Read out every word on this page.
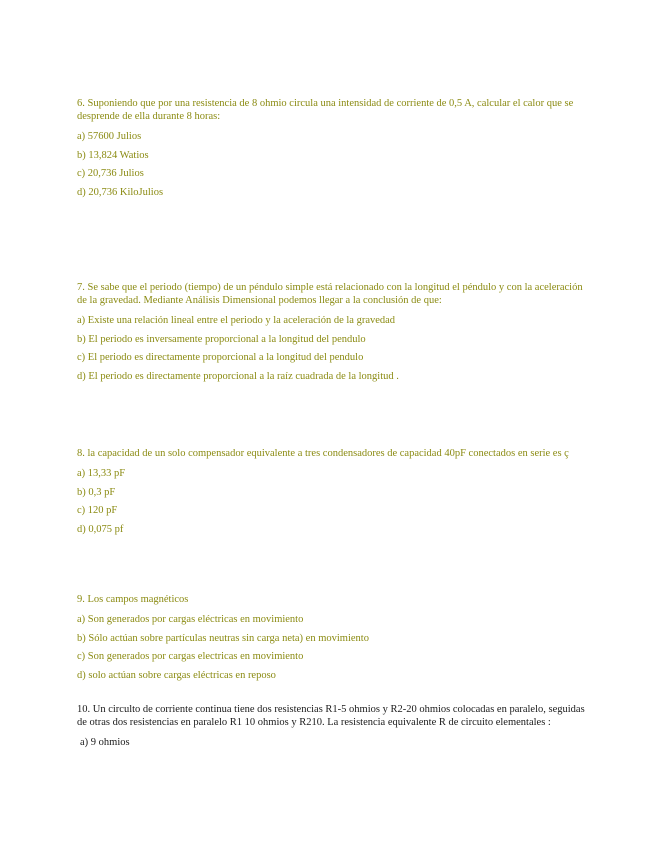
6. Suponiendo que por una resistencia de 8 ohmio circula una intensidad de corriente de 0,5 A, calcular el calor que se desprende de ella durante 8 horas:
a) 57600 Julios
b) 13,824 Watios
c) 20,736 Julios
d) 20,736 KiloJulios
7. Se sabe que el periodo (tiempo) de un péndulo simple está relacionado con la longitud el péndulo y con la aceleración de la gravedad. Mediante Análisis Dimensional podemos llegar a la conclusión de que:
a) Existe una relación lineal entre el periodo y la aceleración de la gravedad
b) El periodo es inversamente proporcional a la longitud del pendulo
c) El periodo es directamente proporcional a la longitud del pendulo
d) El periodo es directamente proporcional a la raíz cuadrada de la longitud .
8. la capacidad de un solo compensador equivalente a tres condensadores de capacidad 40pF conectados en serie es ç
a) 13,33 pF
b) 0,3 pF
c) 120 pF
d) 0,075 pf
9. Los campos magnéticos
a) Son generados por cargas eléctricas en movimiento
b) Sólo actúan sobre partículas neutras sin carga neta) en movimiento
c) Son generados por cargas electricas en movimiento
d) solo actúan sobre cargas eléctricas en reposo
10. Un circulto de corriente continua tiene dos resistencias R1-5 ohmios y R2-20 ohmios colocadas en paralelo, seguidas de otras dos resistencias en paralelo R1 10 ohmios y R210. La resistencia equivalente R de circuito elementales :
a) 9 ohmios
